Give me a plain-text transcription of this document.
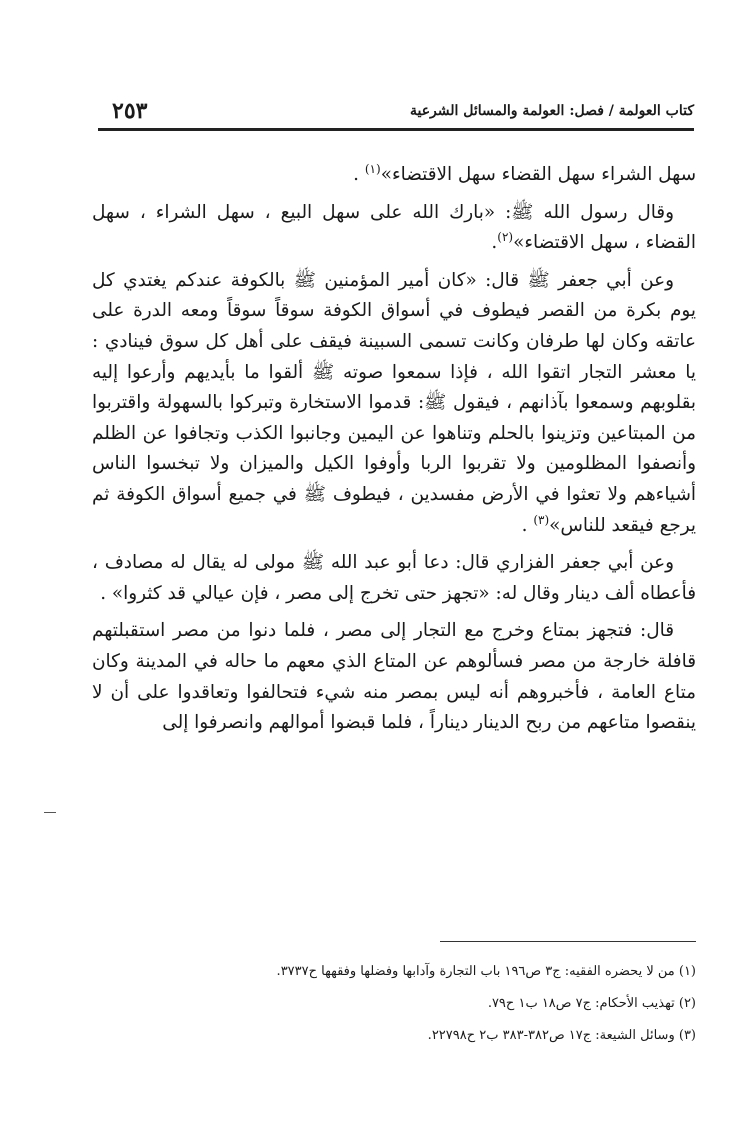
كتاب العولمة / فصل: العولمة والمسائل الشرعية
٢٥٣

سهل الشراء سهل القضاء سهل الاقتضاء»$^{(١)}$ .

وقال رسول الله ﷺ: «بارك الله على سهل البيع ، سهل الشراء ، سهل القضاء ، سهل الاقتضاء»$^{(٢)}$.

وعن أبي جعفر ﷺ قال: «كان أمير المؤمنين ﷺ بالكوفة عندكم يغتدي كل يوم بكرة من القصر فيطوف في أسواق الكوفة سوقاً سوقاً ومعه الدرة على عاتقه وكان لها طرفان وكانت تسمى السبينة فيقف على أهل كل سوق فينادي : يا معشر التجار اتقوا الله ، فإذا سمعوا صوته ﷺ ألقوا ما بأيديهم وأرعوا إليه بقلوبهم وسمعوا بآذانهم ، فيقول ﷺ: قدموا الاستخارة وتبركوا بالسهولة واقتربوا من المبتاعين وتزينوا بالحلم وتناهوا عن اليمين وجانبوا الكذب وتجافوا عن الظلم وأنصفوا المظلومين ولا تقربوا الربا وأوفوا الكيل والميزان ولا تبخسوا الناس أشياءهم ولا تعثوا في الأرض مفسدين ، فيطوف ﷺ في جميع أسواق الكوفة ثم يرجع فيقعد للناس»$^{(٣)}$ .

وعن أبي جعفر الفزاري قال: دعا أبو عبد الله ﷺ مولى له يقال له مصادف ، فأعطاه ألف دينار وقال له: «تجهز حتى تخرج إلى مصر ، فإن عيالي قد كثروا» .

قال: فتجهز بمتاع وخرج مع التجار إلى مصر ، فلما دنوا من مصر استقبلتهم قافلة خارجة من مصر فسألوهم عن المتاع الذي معهم ما حاله في المدينة وكان متاع العامة ، فأخبروهم أنه ليس بمصر منه شيء فتحالفوا وتعاقدوا على أن لا ينقصوا متاعهم من ربح الدينار ديناراً ، فلما قبضوا أموالهم وانصرفوا إلى

(١) من لا يحضره الفقيه: ج٣ ص١٩٦ باب التجارة وآدابها وفضلها وفقهها ح٣٧٣٧.

(٢) تهذيب الأحكام: ج٧ ص١٨ ب١ ح٧٩.

(٣) وسائل الشيعة: ج١٧ ص٣٨٢-٣٨٣ ب٢ ح٢٢٧٩٨.
